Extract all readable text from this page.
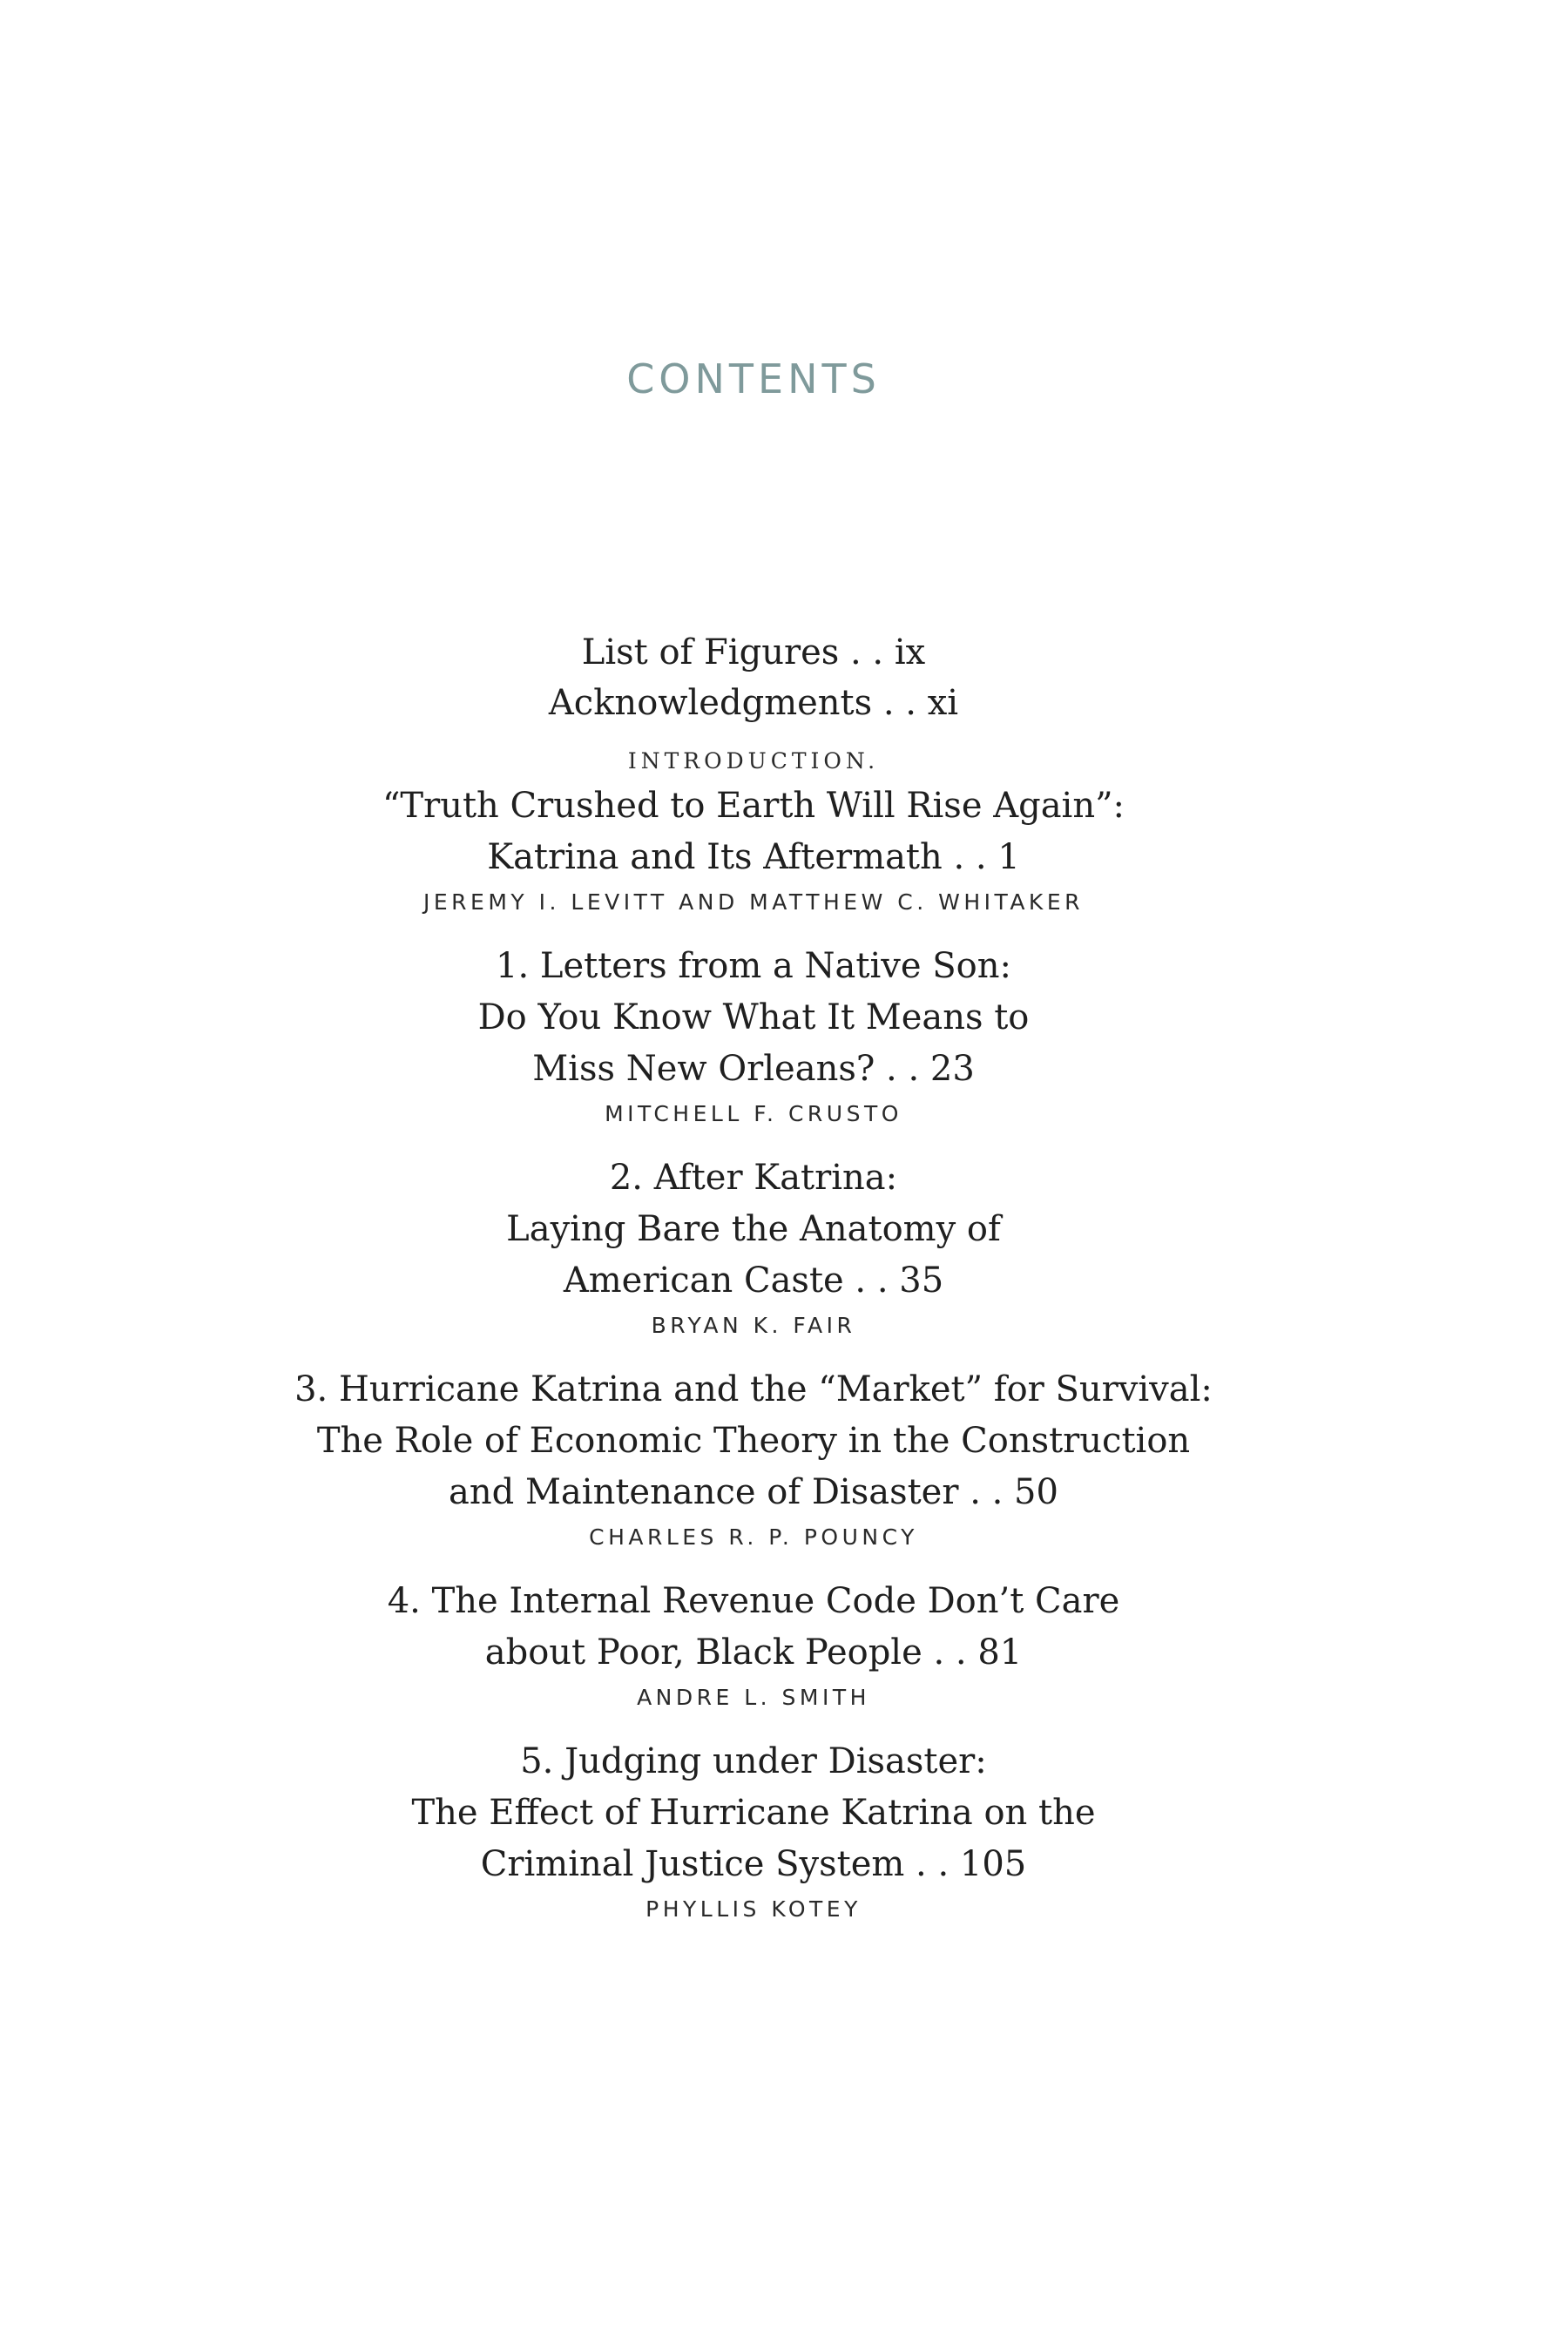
CONTENTS
List of Figures . . ix
Acknowledgments . . xi
INTRODUCTION.
“Truth Crushed to Earth Will Rise Again”:
Katrina and Its Aftermath . . 1
JEREMY I. LEVITT AND MATTHEW C. WHITAKER
1. Letters from a Native Son:
Do You Know What It Means to
Miss New Orleans? . . 23
MITCHELL F. CRUSTO
2. After Katrina:
Laying Bare the Anatomy of
American Caste . . 35
BRYAN K. FAIR
3. Hurricane Katrina and the “Market” for Survival:
The Role of Economic Theory in the Construction
and Maintenance of Disaster . . 50
CHARLES R. P. POUNCY
4. The Internal Revenue Code Don’t Care
about Poor, Black People . . 81
ANDRE L. SMITH
5. Judging under Disaster:
The Effect of Hurricane Katrina on the
Criminal Justice System . . 105
PHYLLIS KOTEY
